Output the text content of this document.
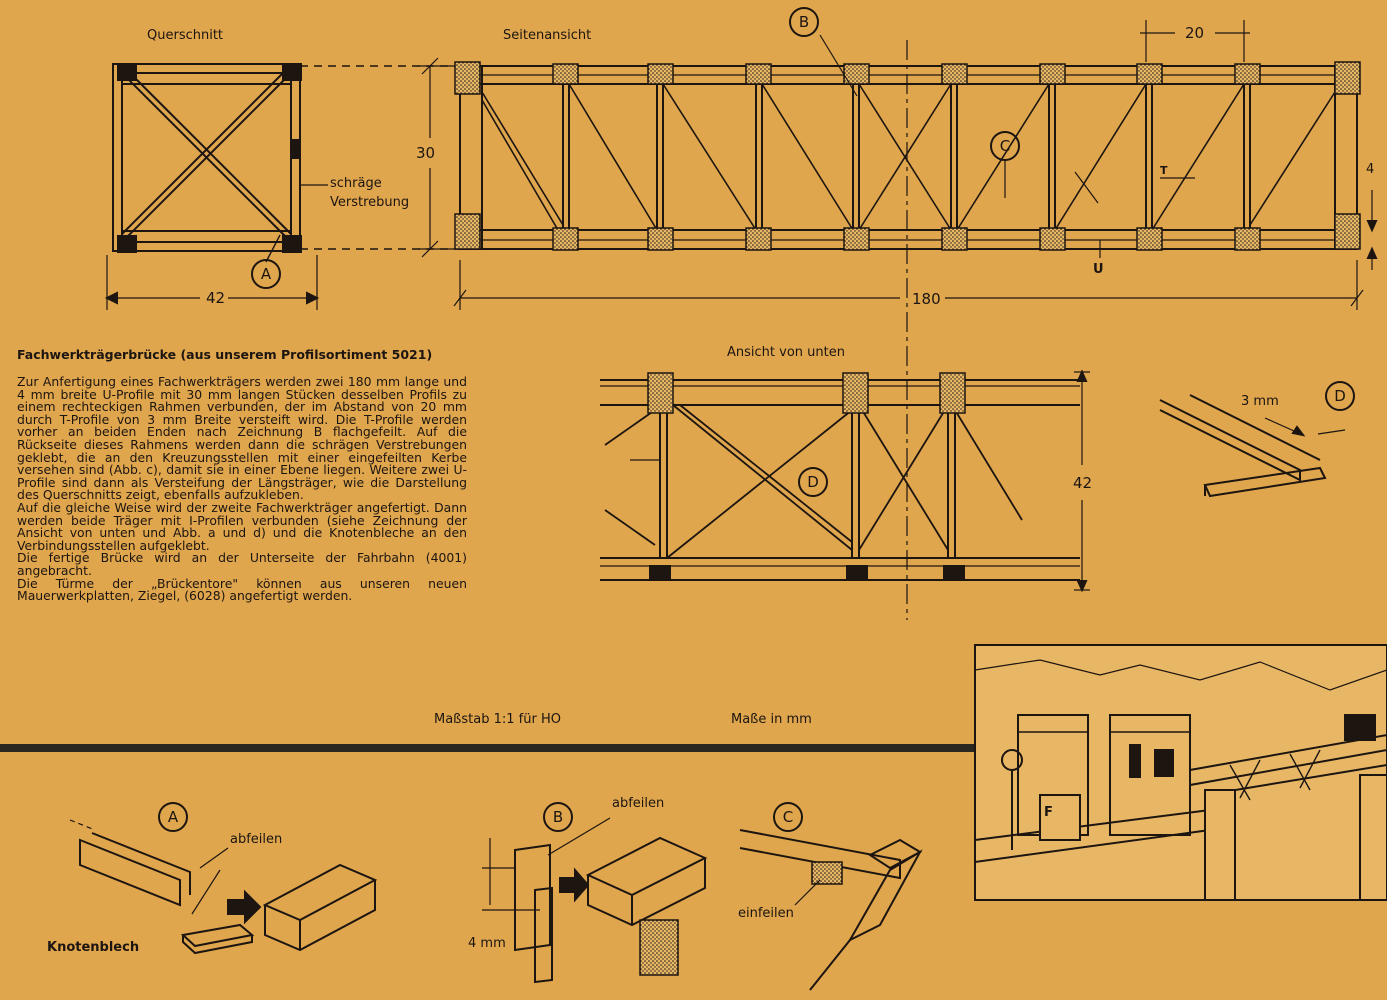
Querschnitt	Seitenansicht
Ansicht von unten
schräge
Verstrebung
T
U
abfeilen
abfeilen
einfeilen
Knotenblech
F
42
30
180
20
4
42
3 mm
4 mm
A
B
C
D
D
A	B	C
Maßstab 1:1 für HO	Maße in mm
Fachwerkträgerbrücke (aus unserem Profilsortiment 5021)

Zur Anfertigung eines Fachwerkträgers werden zwei 180 mm lange und 4 mm breite U-Profile mit 30 mm langen Stücken desselben Profils zu einem rechteckigen Rahmen verbunden, der im Abstand von 20 mm durch T-Profile von 3 mm Breite versteift wird. Die T-Profile werden vorher an beiden Enden nach Zeichnung B flachgefeilt. Auf die Rückseite dieses Rahmens werden dann die schrägen Verstrebungen geklebt, die an den Kreuzungsstellen mit einer eingefeilten Kerbe versehen sind (Abb. c), damit sie in einer Ebene liegen. Weitere zwei U-Profile sind dann als Versteifung der Längsträger, wie die Darstellung des Querschnitts zeigt, ebenfalls aufzukleben.

Auf die gleiche Weise wird der zweite Fachwerkträger angefertigt. Dann werden beide Träger mit I-Profilen verbunden (siehe Zeichnung der Ansicht von unten und Abb. a und d) und die Knotenbleche an den Verbindungsstellen aufgeklebt.

Die fertige Brücke wird an der Unterseite der Fahrbahn (4001) angebracht.

Die Türme der „Brückentore" können aus unseren neuen Mauerwerkplatten, Ziegel, (6028) angefertigt werden.
